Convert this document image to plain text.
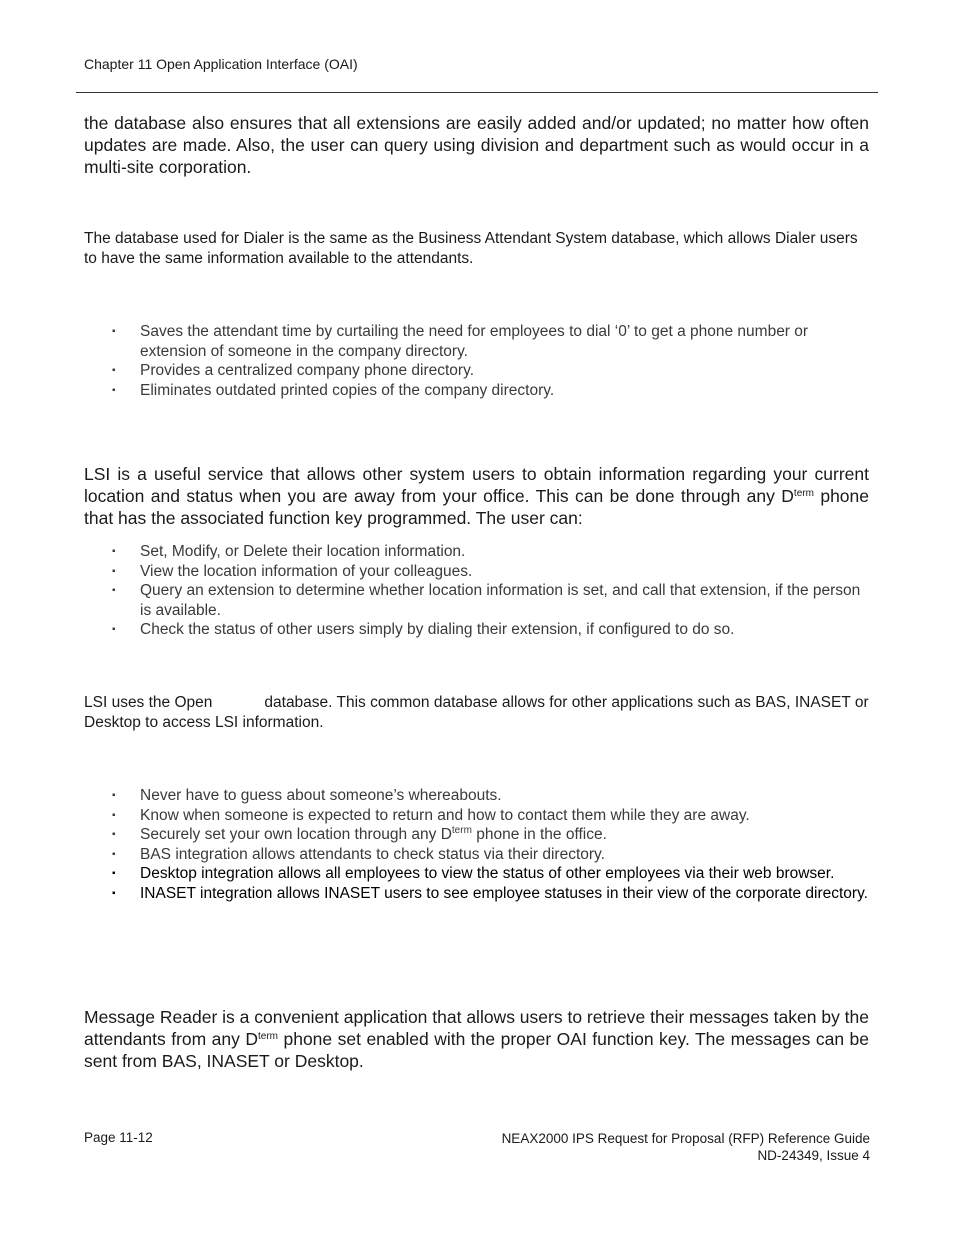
Chapter 11 Open Application Interface (OAI)

the database also ensures that all extensions are easily added and/or updated; no matter how often updates are made. Also, the user can query using division and department such as would occur in a multi-site corporation.

The database used for Dialer is the same as the Business Attendant System database, which allows Dialer users to have the same information available to the attendants.

▪ Saves the attendant time by curtailing the need for employees to dial ‘0’ to get a phone number or extension of someone in the company directory.
▪ Provides a centralized company phone directory.
▪ Eliminates outdated printed copies of the company directory.

LSI is a useful service that allows other system users to obtain information regarding your current location and status when you are away from your office. This can be done through any $D^{term}$ phone that has the associated function key programmed. The user can:

▪ Set, Modify, or Delete their location information.
▪ View the location information of your colleagues.
▪ Query an extension to determine whether location information is set, and call that extension, if the person is available.
▪ Check the status of other users simply by dialing their extension, if configured to do so.

LSI uses the Open	database. This common database allows for other applications such as BAS, INASET or Desktop to access LSI information.

▪ Never have to guess about someone’s whereabouts.
▪ Know when someone is expected to return and how to contact them while they are away.
▪ Securely set your own location through any $D^{term}$ phone in the office.
▪ BAS integration allows attendants to check status via their directory.
▪ Desktop integration allows all employees to view the status of other employees via their web browser.
▪ INASET integration allows INASET users to see employee statuses in their view of the corporate directory.

Message Reader is a convenient application that allows users to retrieve their messages taken by the attendants from any $D^{term}$ phone set enabled with the proper OAI function key. The messages can be sent from BAS, INASET or Desktop.

Page 11-12	NEAX2000 IPS Request for Proposal (RFP) Reference Guide
ND-24349, Issue 4
